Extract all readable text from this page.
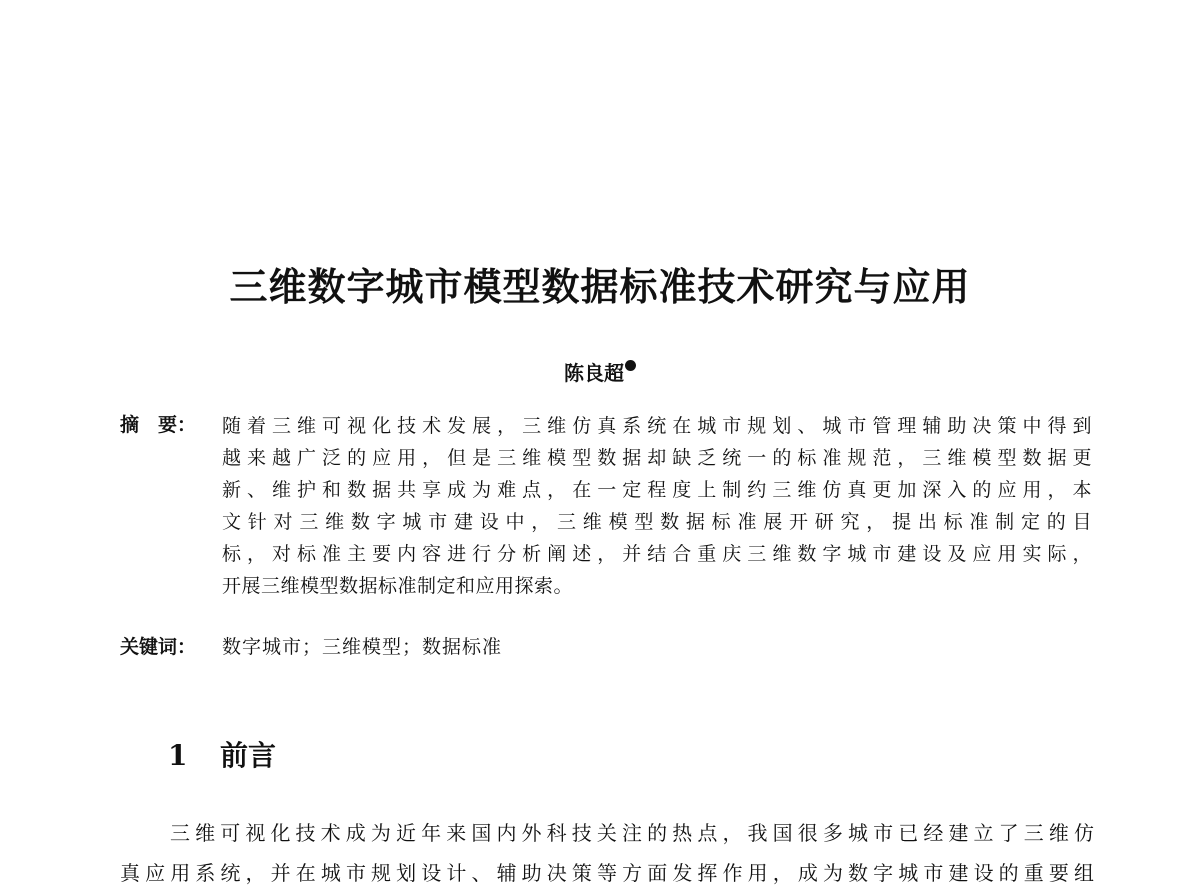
三维数字城市模型数据标准技术研究与应用
陈良超
摘　要： 随着三维可视化技术发展，三维仿真系统在城市规划、城市管理辅助决策中得到
越来越广泛的应用，但是三维模型数据却缺乏统一的标准规范，三维模型数据更
新、维护和数据共享成为难点，在一定程度上制约三维仿真更加深入的应用，本
文针对三维数字城市建设中，三维模型数据标准展开研究，提出标准制定的目
标，对标准主要内容进行分析阐述，并结合重庆三维数字城市建设及应用实际，
开展三维模型数据标准制定和应用探索。
关键词： 数字城市；三维模型；数据标准
1 前言
三维可视化技术成为近年来国内外科技关注的热点，我国很多城市已经建立了三维仿
真应用系统，并在城市规划设计、辅助决策等方面发挥作用，成为数字城市建设的重要组
